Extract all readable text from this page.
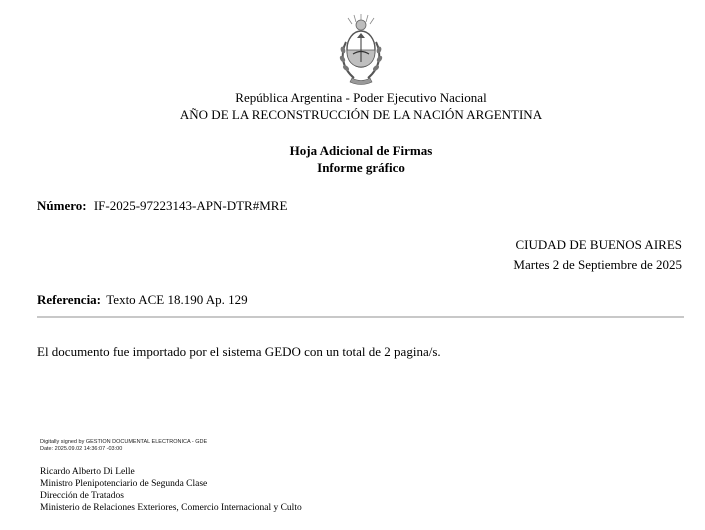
República Argentina - Poder Ejecutivo Nacional
AÑO DE LA RECONSTRUCCIÓN DE LA NACIÓN ARGENTINA
Hoja Adicional de Firmas
Informe gráfico
Número: IF-2025-97223143-APN-DTR#MRE
CIUDAD DE BUENOS AIRES
Martes 2 de Septiembre de 2025
Referencia: Texto ACE 18.190 Ap. 129
El documento fue importado por el sistema GEDO con un total de 2 pagina/s.
Digitally signed by GESTION DOCUMENTAL ELECTRONICA - GDE
Date: 2025.09.02 14:36:07 -03:00
Ricardo Alberto Di Lelle
Ministro Plenipotenciario de Segunda Clase
Dirección de Tratados
Ministerio de Relaciones Exteriores, Comercio Internacional y Culto
